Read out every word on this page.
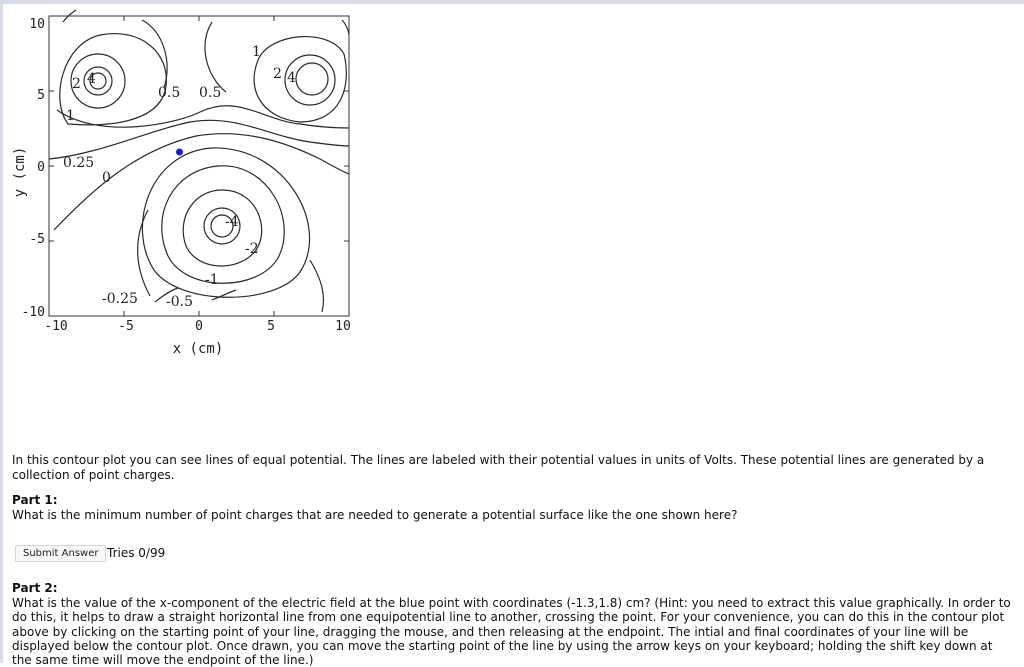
2 4
1
0.5 0.5
1
2 4
0.25
0
-4
-2
-1
-0.25 -0.5
10
5
0
-5
-10
-10	-5	0	5	10
x (cm)
y (cm)

In this contour plot you can see lines of equal potential. The lines are labeled with their potential values in units of Volts. These potential lines are generated by a collection of point charges.

Part 1:

What is the minimum number of point charges that are needed to generate a potential surface like the one shown here?

Submit Answer Tries 0/99

Part 2:

What is the value of the x-component of the electric field at the blue point with coordinates (-1.3,1.8) cm? (Hint: you need to extract this value graphically. In order to do this, it helps to draw a straight horizontal line from one equipotential line to another, crossing the point. For your convenience, you can do this in the contour plot above by clicking on the starting point of your line, dragging the mouse, and then releasing at the endpoint. The intial and final coordinates of your line will be displayed below the contour plot. Once drawn, you can move the starting point of the line by using the arrow keys on your keyboard; holding the shift key down at the same time will move the endpoint of the line.)
